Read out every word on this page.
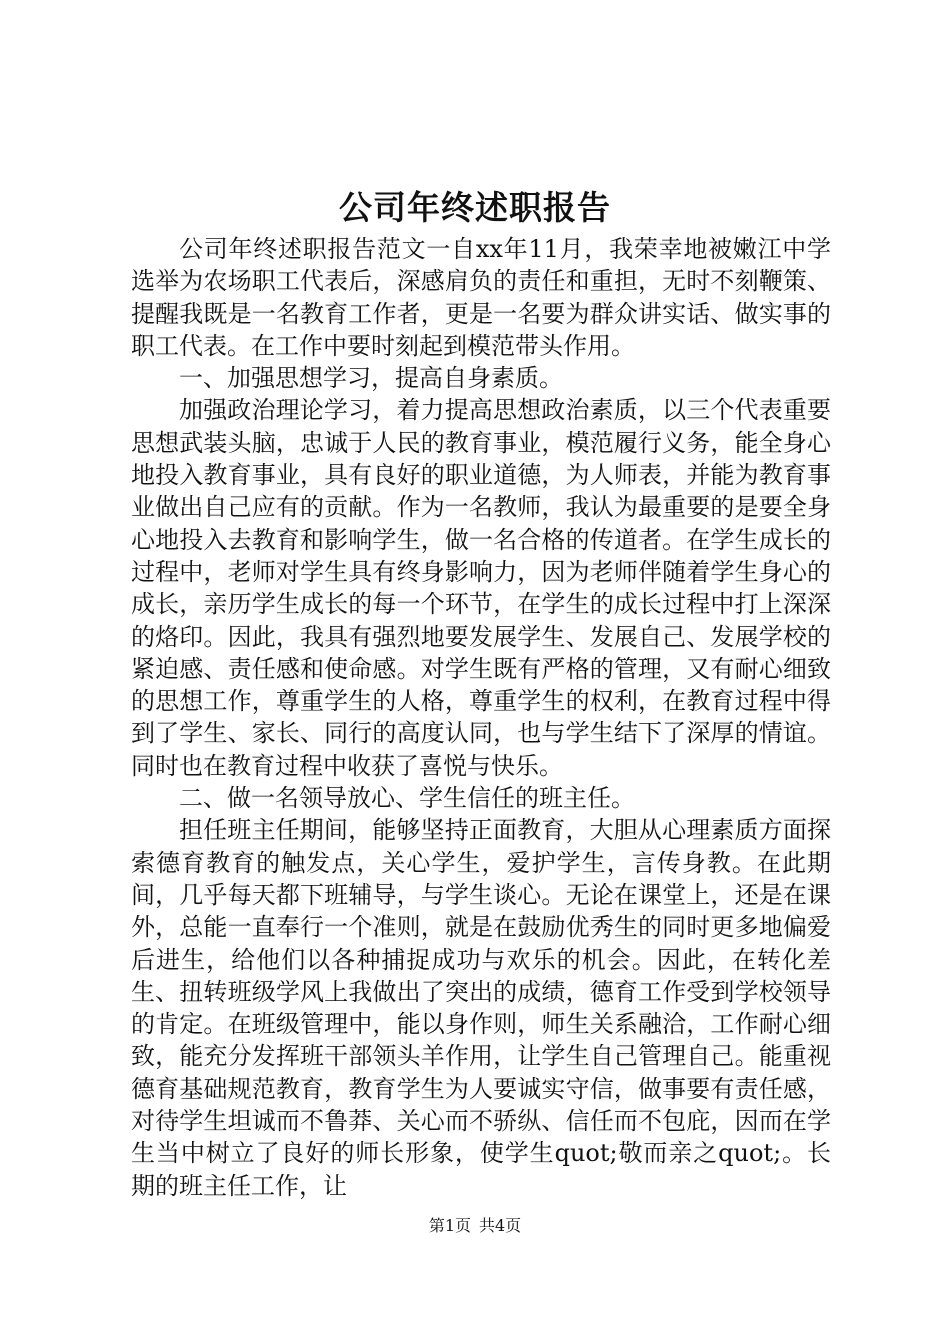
公司年终述职报告

公司年终述职报告范文一自xx年11月，我荣幸地被嫩江中学选举为农场职工代表后，深感肩负的责任和重担，无时不刻鞭策、提醒我既是一名教育工作者，更是一名要为群众讲实话、做实事的职工代表。在工作中要时刻起到模范带头作用。

一、加强思想学习，提高自身素质。

加强政治理论学习，着力提高思想政治素质，以三个代表重要思想武装头脑，忠诚于人民的教育事业，模范履行义务，能全身心地投入教育事业，具有良好的职业道德，为人师表，并能为教育事业做出自己应有的贡献。作为一名教师，我认为最重要的是要全身心地投入去教育和影响学生，做一名合格的传道者。在学生成长的过程中，老师对学生具有终身影响力，因为老师伴随着学生身心的成长，亲历学生成长的每一个环节，在学生的成长过程中打上深深的烙印。因此，我具有强烈地要发展学生、发展自己、发展学校的紧迫感、责任感和使命感。对学生既有严格的管理，又有耐心细致的思想工作，尊重学生的人格，尊重学生的权利，在教育过程中得到了学生、家长、同行的高度认同，也与学生结下了深厚的情谊。同时也在教育过程中收获了喜悦与快乐。

二、做一名领导放心、学生信任的班主任。

担任班主任期间，能够坚持正面教育，大胆从心理素质方面探索德育教育的触发点，关心学生，爱护学生，言传身教。在此期间，几乎每天都下班辅导，与学生谈心。无论在课堂上，还是在课外，总能一直奉行一个准则，就是在鼓励优秀生的同时更多地偏爱后进生，给他们以各种捕捉成功与欢乐的机会。因此，在转化差生、扭转班级学风上我做出了突出的成绩，德育工作受到学校领导的肯定。在班级管理中，能以身作则，师生关系融洽，工作耐心细致，能充分发挥班干部领头羊作用，让学生自己管理自己。能重视德育基础规范教育，教育学生为人要诚实守信，做事要有责任感，对待学生坦诚而不鲁莽、关心而不骄纵、信任而不包庇，因而在学生当中树立了良好的师长形象，使学生quot;敬而亲之quot;。长期的班主任工作，让

第1页 共4页
